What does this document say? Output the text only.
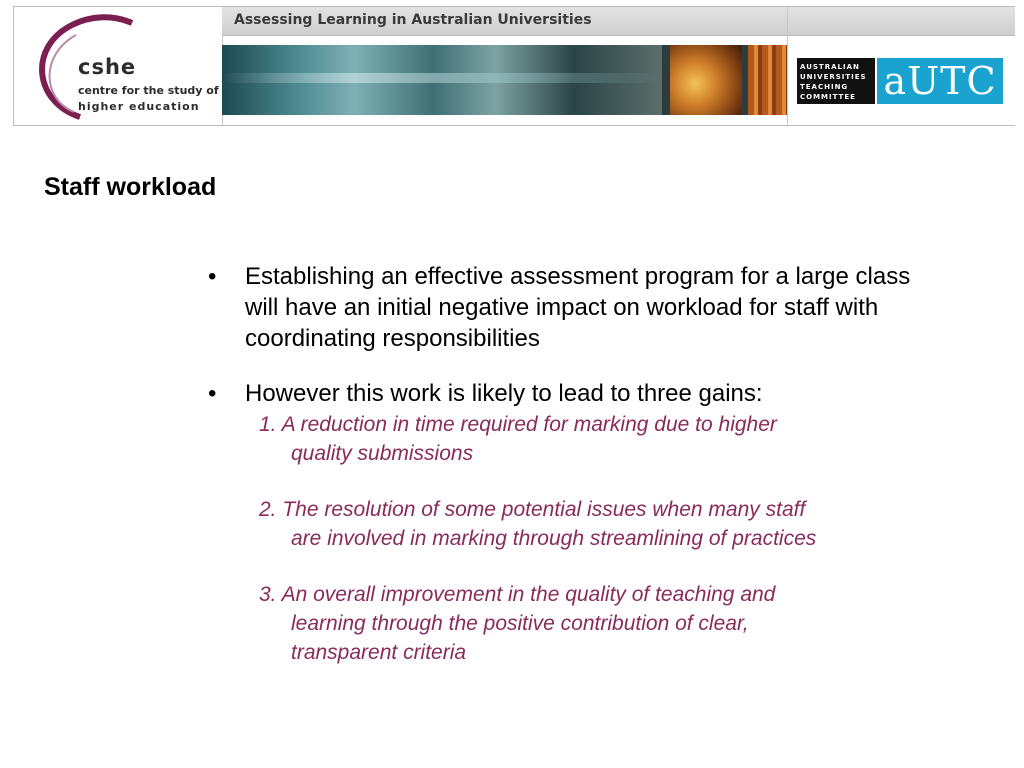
cshe
centre for the study of
higher education
Assessing Learning in Australian Universities
AUSTRALIAN
UNIVERSITIES
TEACHING
COMMITTEE aUTC
Staff workload
• Establishing an effective assessment program for a large class will have an initial negative impact on workload for staff with coordinating responsibilities
• However this work is likely to lead to three gains:
1. A reduction in time required for marking due to higher
quality submissions
2. The resolution of some potential issues when many staff
are involved in marking through streamlining of practices
3. An overall improvement in the quality of teaching and
learning through the positive contribution of clear,
transparent criteria
